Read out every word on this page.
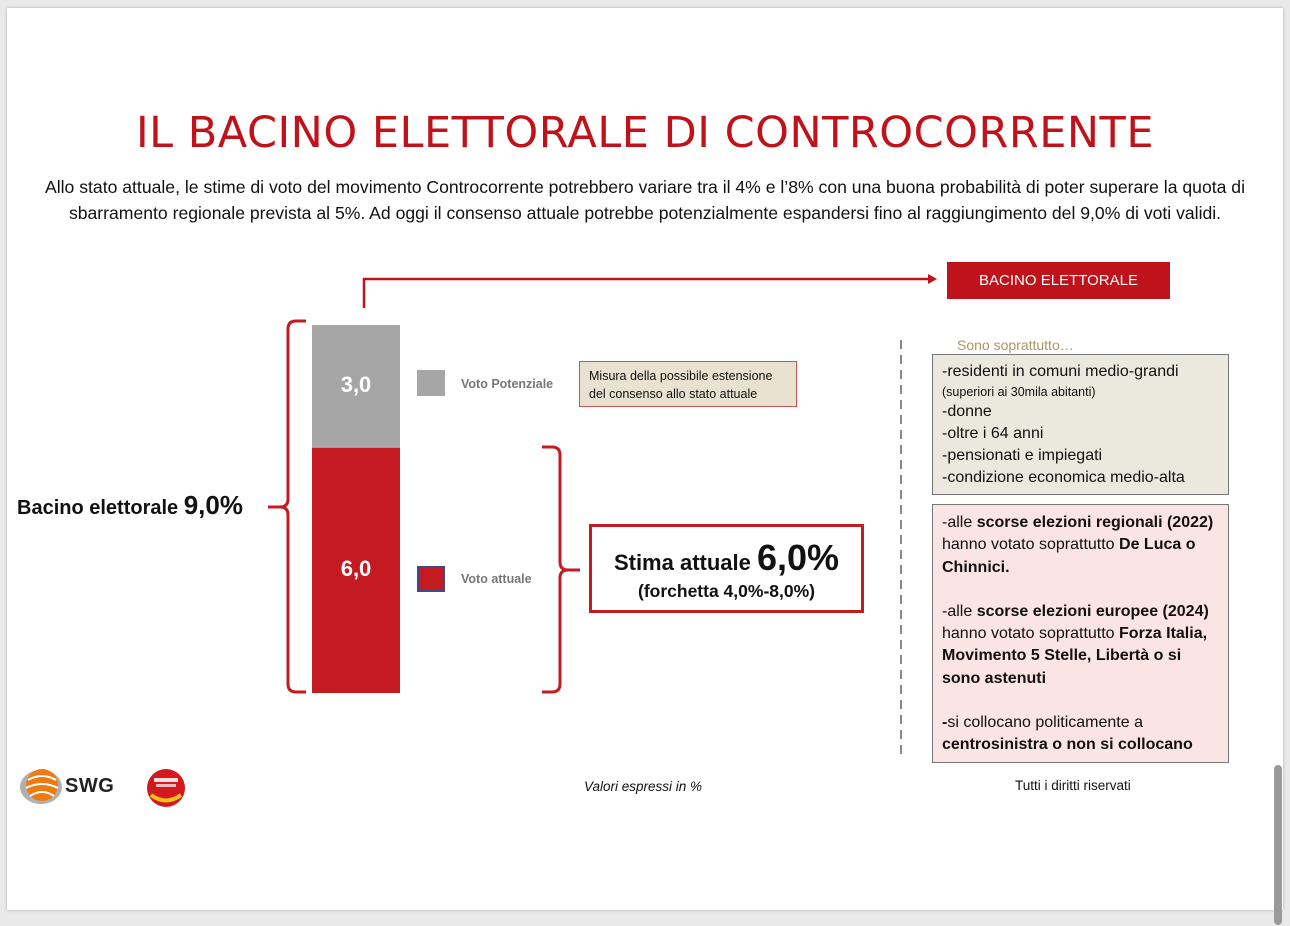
IL BACINO ELETTORALE DI CONTROCORRENTE
Allo stato attuale, le stime di voto del movimento Controcorrente potrebbero variare tra il 4% e l’8% con una buona probabilità di poter superare la quota di sbarramento regionale prevista al 5%. Ad oggi il consenso attuale potrebbe potenzialmente espandersi fino al raggiungimento del 9,0% di voti validi.
3,0
6,0
Voto Potenziale
Voto attuale
Misura della possibile estensione del consenso allo stato attuale
Bacino elettorale 9,0%
Stima attuale 6,0%
(forchetta 4,0%-8,0%)
BACINO ELETTORALE
Sono soprattutto…
-residenti in comuni medio-grandi
(superiori ai 30mila abitanti)
-donne
-oltre i 64 anni
-pensionati e impiegati
-condizione economica medio-alta

-alle scorse elezioni regionali (2022) hanno votato soprattutto De Luca o Chinnici.

-alle scorse elezioni europee (2024) hanno votato soprattutto Forza Italia, Movimento 5 Stelle, Libertà o si sono astenuti

-si collocano politicamente a centrosinistra o non si collocano

SWG	Valori espressi in %	Tutti i diritti riservati
